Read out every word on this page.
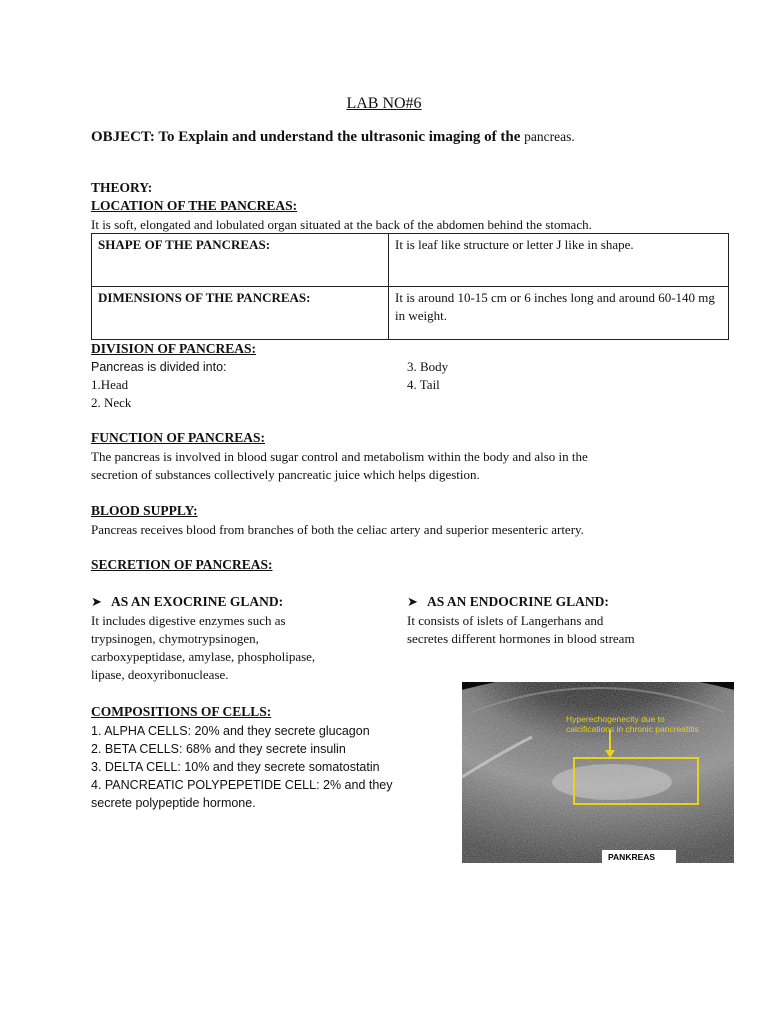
LAB NO#6
OBJECT: To Explain and understand the ultrasonic imaging of the pancreas.
THEORY:
LOCATION OF THE PANCREAS:
It is soft, elongated and lobulated organ situated at the back of the abdomen behind the stomach.
SHAPE OF THE PANCREAS:	It is leaf like structure or letter J like in shape.
DIMENSIONS OF THE PANCREAS:	It is around 10-15 cm or 6 inches long and around 60-140 mg in weight.
DIVISION OF PANCREAS:
Pancreas is divided into:
1.Head
2. Neck
3. Body
4. Tail
FUNCTION OF PANCREAS:
The pancreas is involved in blood sugar control and metabolism within the body and also in the
secretion of substances collectively pancreatic juice which helps digestion.
BLOOD SUPPLY:
Pancreas receives blood from branches of both the celiac artery and superior mesenteric artery.
SECRETION OF PANCREAS:
➤ AS AN EXOCRINE GLAND:
It includes digestive enzymes such as
trypsinogen, chymotrypsinogen,
carboxypeptidase, amylase, phospholipase,
lipase, deoxyribonuclease.
➤ AS AN ENDOCRINE GLAND:
It consists of islets of Langerhans and
secretes different hormones in blood stream
COMPOSITIONS OF CELLS:
1. ALPHA CELLS: 20% and they secrete glucagon
2. BETA CELLS: 68% and they secrete insulin
3. DELTA CELL: 10% and they secrete somatostatin
4. PANCREATIC POLYPEPETIDE CELL: 2% and they
secrete polypeptide hormone.
Hyperechogenecity due to
calcifications in chronic pancreatitis
PANKREAS
